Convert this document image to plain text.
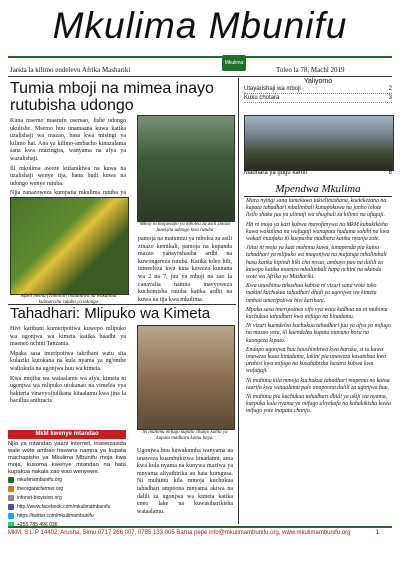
Mkulima Mbunifu
Mkulima Mbunifu
Jarida la kilimo endelevu Afrika Mashariki	Toleo la 78, Machi 2019
Tumia mboji na mimea inayo rutubisha udongo

Kuna msemo maarufu usemao, Jishe udongo ukulishe. Msemo huu unamaana kuwa katika uzalishaji wa mazao, basa kwa misingi ya kilimo hai. Ana ya kilimo-ambacho kinazalama sana kwa mazingira, wanyama na afya ya wazalishaji.

Ili mkulima aweze kufanikiwa na kuwa na uzalishaji wenye tija, hana budi kuwa na udongo wenye rutuba.

Njia zanazoweza kumpatia mkulima rutuba ya

Afzeli mwitu (Tithonia) inatumiwa na wakulima kuimarisha rutuba ya udongo
Mboji ni mojawapo ya mbolea za asili zinazo huwisha udongo kwa rutuba
pamoja na matumizi ya mbolea za asili zinazo kemikali, pamoja na kupanda mazao yanayoshauba ardhi na kuwongereza rutuba. Katika toleo hili, tumeeleza kwa kina kuweza kuutana wa 2 na 7, juu ya mboji na zao la canavalia namna inavyoweza kuchomisha rutuba katika ardhi na kuwa na tija kwa mkulima.
Tahadhari: Mlipuko wa Kimeta

Hivi karibuni kumeripotiwa kuwepo mlipuko wa ugonjwa wa kimeta katika baadhi ya maeneo nchini Tanzania.

Mpaka sasa imeripotiwa takribani watu sita kulaziki kutokana na kula nyama ya ng'ombe waliokufa na ugonjwa huu wa kimeta.

Kwa mujibu wa wataalamu wa afya, kimeta ni ugonjwa wa mlipuko utokanao na vimelea vya bakteria vinavyoljulikana kitaalamu kwa jina la bacillus anthracis.

Ni muhimu mifugo kupata chanjo kabla ya kupata madhara kama haya.
Ugonjwa huu huwakumba wanyama na unaweza kuambukizwa binadamu, ama kwa kula nyama na kunywa maziwa ya mnyama aliyathirika au hata kumgusa. Ni muhimu kila mmoja kuchukua tahadhari ampoona mnyama akiwa na dalili za ugonjwa wa kimeta katika eneo lake na kuwasiharikisha wataalamu.
MkM kwenye mtandao
Njia ya mtandao yaani internet, inawezasida wale wote ambao hawana namna ya kupata machapisho ya Mkulima Mbunifu moja kwa moja, kusoma kwenye mtandao na hata kupakua nakala zao wao wenyewe.
mkulimambunifu.org
theorganicfarmer.org
infonet-biovision.org
http://www.facebook.com/mkulimambunifu
https://twitter.com/mkulimambunifu
+255 785 496 036
Yaliyomo
Utayarishaji wa mboji	2
Kuku chotara	3
Madhara ya gugu karoti	8
Mpendwa Mkulima

Mara nyingi sana tumekuwa tukielimishana, kuelekezana na kupata tahadhari mbalimbali kunapokuwa na janho lolote lisilo shaka juu ya ulimaji wa shughuli za kilimo na ufugaji.

Hii ni moja ya kazi kubwa inayofanywa na MkM kuhakikisha kuwa wakulima na wafugaji wanapata huduma sahihi na kwa wakati muafaka ili kuepusha madhara katika nyanja zote.

Jiitai ni moja ya kazi muhimu kuwa, tunapenda pia kutoa tahadhari ya mlipuko wa magonjwa na majanga mbalimbali hasa katika kipindi hiki cha mvua, ambayo pao na dalili za kuwepo katika maeneo mbalimbali hapa nchini na ukanda wote wa Afrika ya Mashariki.

Kwa unashimu nikushua kabisa ni vizuri sana wote tuko makini kuchukua tahadhari dhidi ya ugonjwa wa kimeta ambao umeripotiwa hivi karibuni.

Mpaka sasa imeripotiwa vifo vya watu kadhaa na ni muhimu kuchukua tahadhari kwa mifugo na binadamu.

Ni vizuri kuendelea kuchukua tahadhari juu ya afya ya mifugo na mazao yetu, ili kuendelea kupata mavuno bora na kuongeza kipato.

Endapo ugonjwa huu haushimbiwa kwa haraka, si tu kuwa unaweza kuua binadamu, lakini pia unaweza kusambaa kwa urahisi kwa mifugo na kusababisha hasara kubwa kwa wafugaji.

Ni muhimu kila mmoja kuchukua tahadhari mapema na kutoa taarifa kwa wataalamu pale anapoona dalili za ugonjwa huu.

Ni muhimu pia kuchukua tahadhari dhidi ya ukiji wa nyama, kuepuka kula nyama ya mifugo aliyekufa na kuhakikisha kuwa mifugo yote inapata chanjo.

MkM, S.L.P 14402, Arusha, Simu 0717 266 007, 0785 133 005 Barua pepe info@mkulimambunifu.org, www.mkulimambunifu.org	1
